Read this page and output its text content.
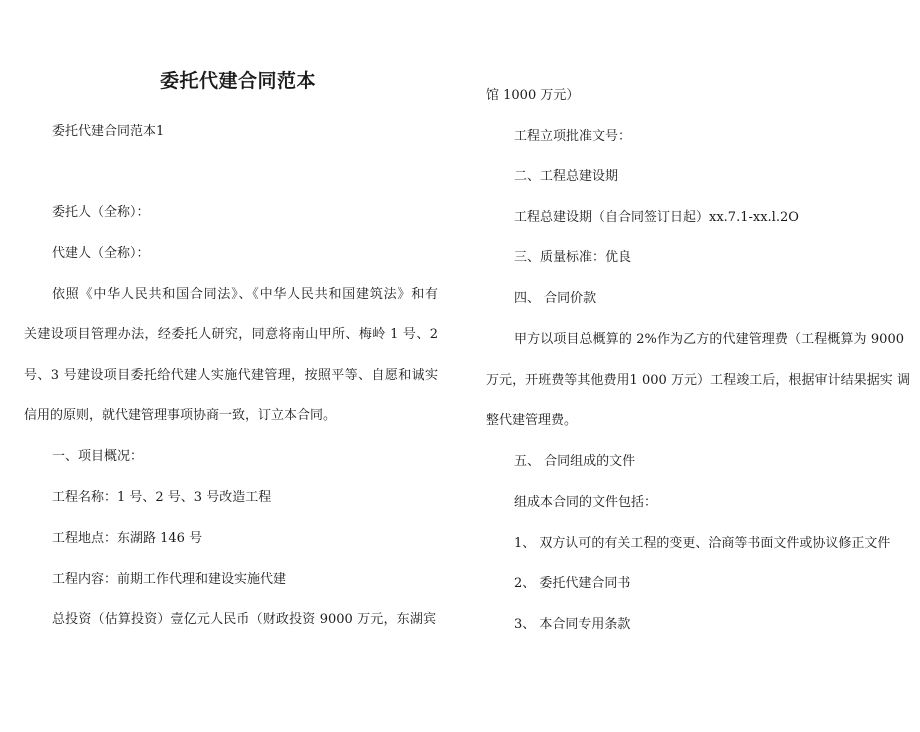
委托代建合同范本

委托代建合同范本1

委托人（全称）：

代建人（全称）：

依照《中华人民共和国合同法》、《中华人民共和国建筑法》和有

关建设项目管理办法，经委托人研究，同意将南山甲所、梅岭 1 号、2

号、3 号建设项目委托给代建人实施代建管理，按照平等、自愿和诚实

信用的原则，就代建管理事项协商一致，订立本合同。

一、项目概况：

工程名称：1 号、2 号、3 号改造工程

工程地点：东湖路 146 号

工程内容：前期工作代理和建设实施代建

总投资（估算投资）壹亿元人民币（财政投资 9000 万元，东湖宾

馆 1000 万元）

工程立项批准文号：

二、工程总建设期

工程总建设期（自合同签订日起）xx.7.1-xx.l.2O

三、质量标准：优良

四、 合同价款

甲方以项目总概算的 2%作为乙方的代建管理费（工程概算为 9000

万元，开班费等其他费用1 000 万元）工程竣工后，根据审计结果据实 调

整代建管理费。

五、 合同组成的文件

组成本合同的文件包括：

1、 双方认可的有关工程的变更、洽商等书面文件或协议修正文件

2、 委托代建合同书

3、 本合同专用条款
